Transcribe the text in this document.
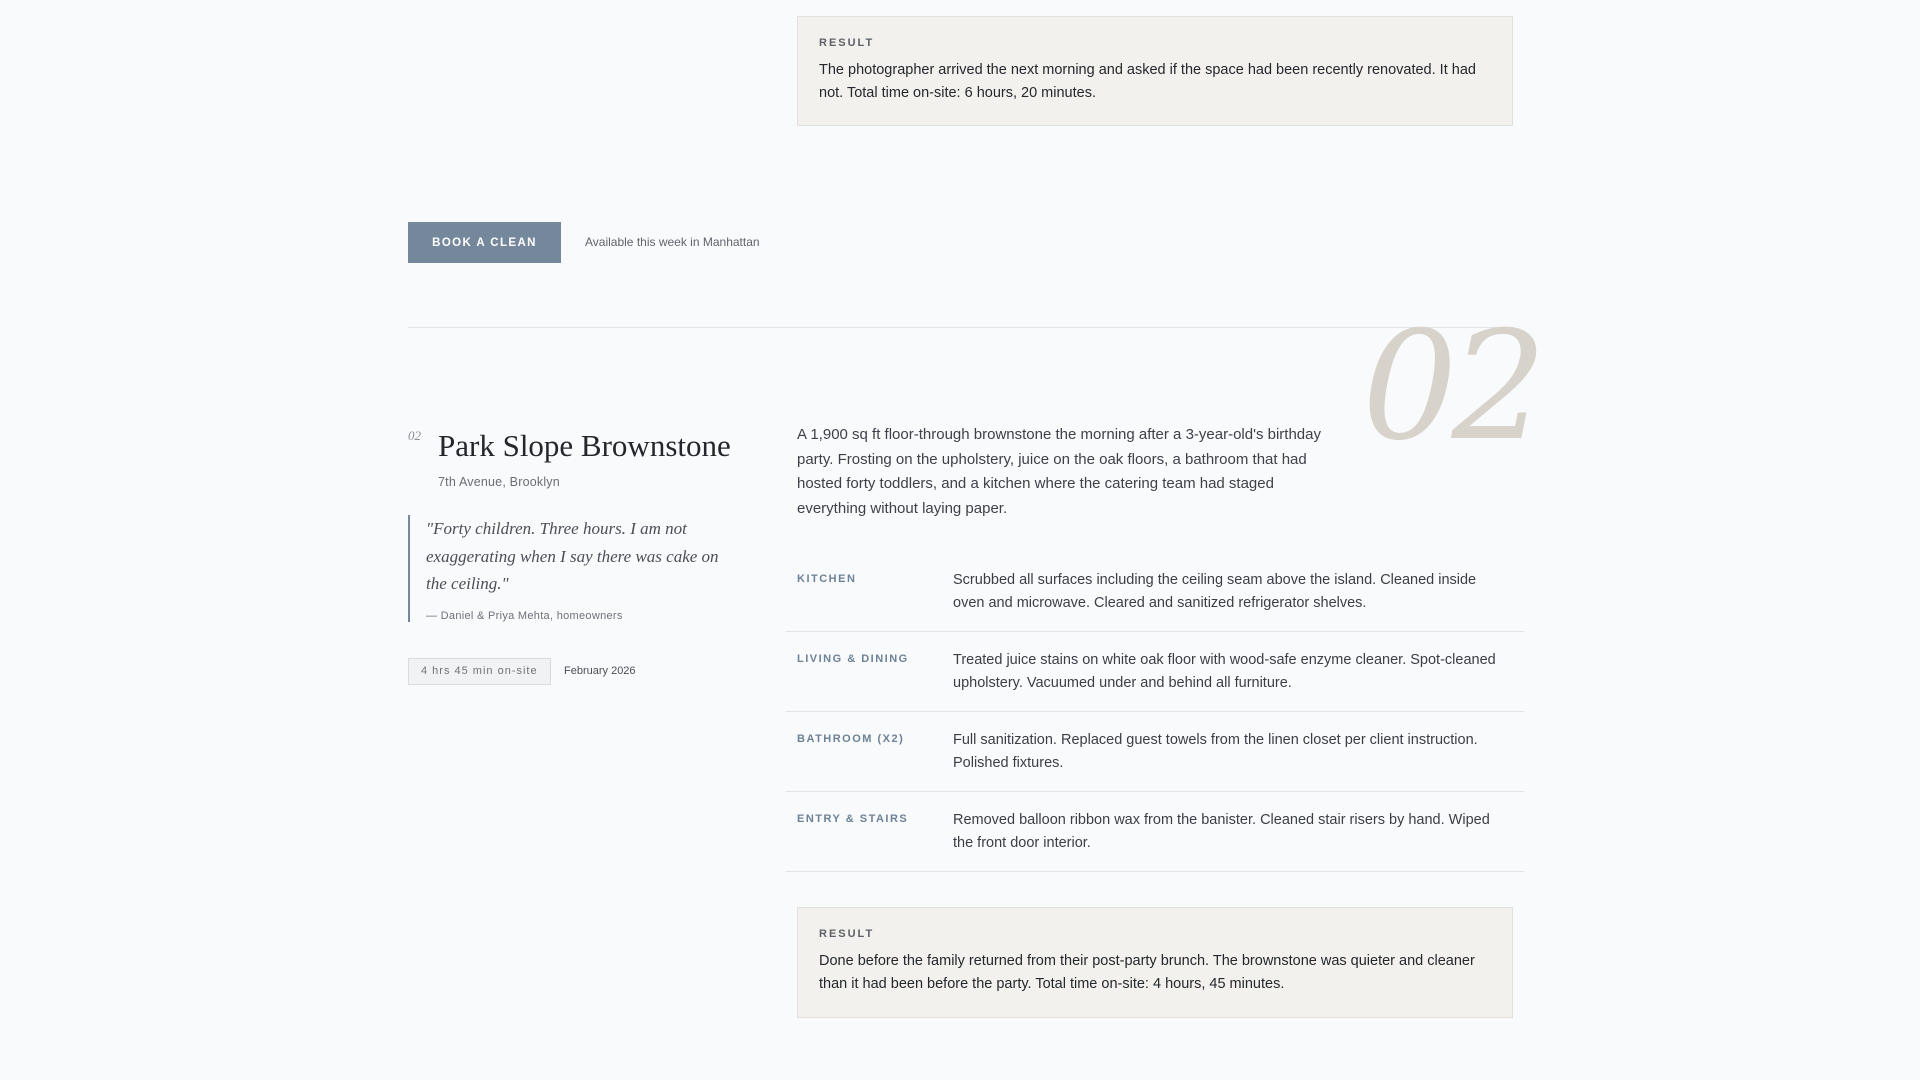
RESULT
The photographer arrived the next morning and asked if the space had been recently renovated. It had not. Total time on-site: 6 hours, 20 minutes.
BOOK A CLEAN	Available this week in Manhattan
02
02 Park Slope Brownstone
7th Avenue, Brooklyn
"Forty children. Three hours. I am not exaggerating when I say there was cake on the ceiling."
— Daniel & Priya Mehta, homeowners
4 hrs 45 min on-site	February 2026

A 1,900 sq ft floor-through brownstone the morning after a 3-year-old's birthday party. Frosting on the upholstery, juice on the oak floors, a bathroom that had hosted forty toddlers, and a kitchen where the catering team had staged everything without laying paper.

KITCHEN	Scrubbed all surfaces including the ceiling seam above the island. Cleaned inside oven and microwave. Cleared and sanitized refrigerator shelves.
LIVING & DINING	Treated juice stains on white oak floor with wood-safe enzyme cleaner. Spot-cleaned upholstery. Vacuumed under and behind all furniture.
BATHROOM (X2)	Full sanitization. Replaced guest towels from the linen closet per client instruction. Polished fixtures.
ENTRY & STAIRS	Removed balloon ribbon wax from the banister. Cleaned stair risers by hand. Wiped the front door interior.
RESULT
Done before the family returned from their post-party brunch. The brownstone was quieter and cleaner than it had been before the party. Total time on-site: 4 hours, 45 minutes.
